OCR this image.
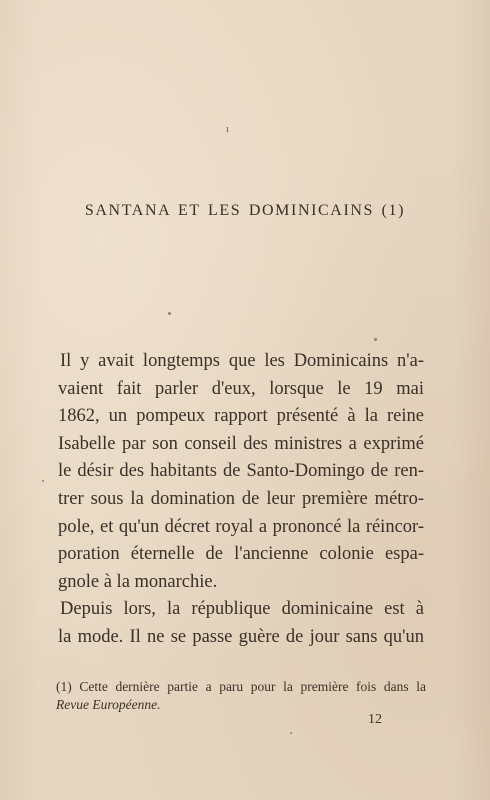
ı
SANTANA ET LES DOMINICAINS (1)

Il y avait longtemps que les Dominicains n'a-
vaient fait parler d'eux, lorsque le 19 mai
1862, un pompeux rapport présenté à la reine
Isabelle par son conseil des ministres a exprimé
le désir des habitants de Santo-Domingo de ren-
trer sous la domination de leur première métro-
pole, et qu'un décret royal a prononcé la réincor-
poration éternelle de l'ancienne colonie espa-
gnole à la monarchie.

Depuis lors, la république dominicaine est à
la mode. Il ne se passe guère de jour sans qu'un

(1) Cette dernière partie a paru pour la première fois dans la
Revue Européenne.
12
